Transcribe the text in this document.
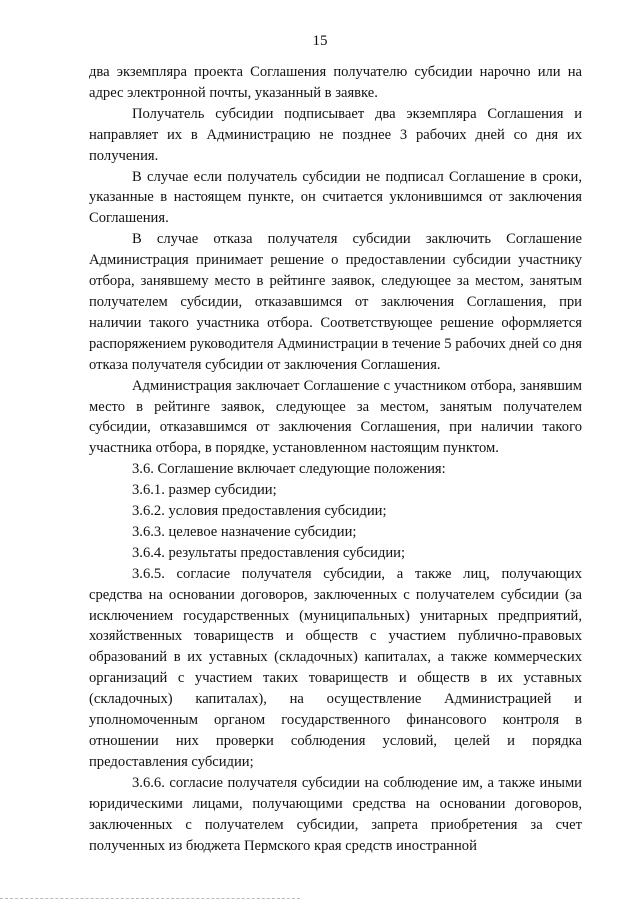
15

два экземпляра проекта Соглашения получателю субсидии нарочно или на адрес электронной почты, указанный в заявке.

Получатель субсидии подписывает два экземпляра Соглашения и направляет их в Администрацию не позднее 3 рабочих дней со дня их получения.

В случае если получатель субсидии не подписал Соглашение в сроки, указанные в настоящем пункте, он считается уклонившимся от заключения Соглашения.

В случае отказа получателя субсидии заключить Соглашение Администрация принимает решение о предоставлении субсидии участнику отбора, занявшему место в рейтинге заявок, следующее за местом, занятым получателем субсидии, отказавшимся от заключения Соглашения, при наличии такого участника отбора. Соответствующее решение оформляется распоряжением руководителя Администрации в течение 5 рабочих дней со дня отказа получателя субсидии от заключения Соглашения.

Администрация заключает Соглашение с участником отбора, занявшим место в рейтинге заявок, следующее за местом, занятым получателем субсидии, отказавшимся от заключения Соглашения, при наличии такого участника отбора, в порядке, установленном настоящим пунктом.

3.6. Соглашение включает следующие положения:

3.6.1. размер субсидии;

3.6.2. условия предоставления субсидии;

3.6.3. целевое назначение субсидии;

3.6.4. результаты предоставления субсидии;

3.6.5. согласие получателя субсидии, а также лиц, получающих средства на основании договоров, заключенных с получателем субсидии (за исключением государственных (муниципальных) унитарных предприятий, хозяйственных товариществ и обществ с участием публично-правовых образований в их уставных (складочных) капиталах, а также коммерческих организаций с участием таких товариществ и обществ в их уставных (складочных) капиталах), на осуществление Администрацией и уполномоченным органом государственного финансового контроля в отношении них проверки соблюдения условий, целей и порядка предоставления субсидии;

3.6.6. согласие получателя субсидии на соблюдение им, а также иными юридическими лицами, получающими средства на основании договоров, заключенных с получателем субсидии, запрета приобретения за счет полученных из бюджета Пермского края средств иностранной
